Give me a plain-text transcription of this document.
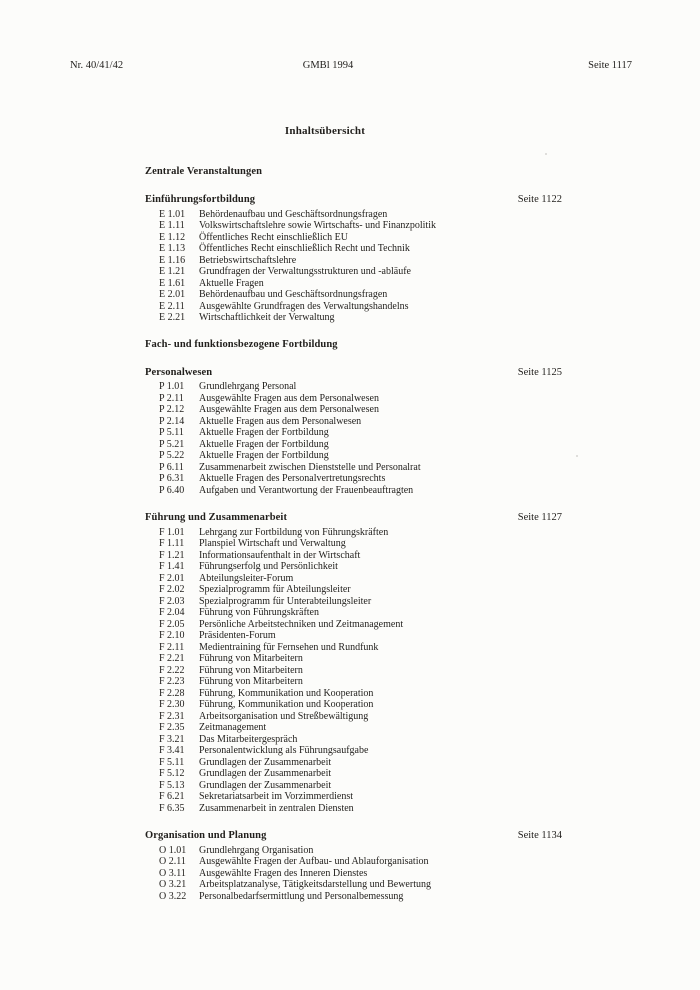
Nr. 40/41/42	GMBl 1994	Seite 1117
Inhaltsübersicht
Zentrale Veranstaltungen
Einführungsfortbildung	Seite 1122
E 1.01	Behördenaufbau und Geschäftsordnungsfragen
E 1.11	Volkswirtschaftslehre sowie Wirtschafts- und Finanzpolitik
E 1.12	Öffentliches Recht einschließlich EU
E 1.13	Öffentliches Recht einschließlich Recht und Technik
E 1.16	Betriebswirtschaftslehre
E 1.21	Grundfragen der Verwaltungsstrukturen und -abläufe
E 1.61	Aktuelle Fragen
E 2.01	Behördenaufbau und Geschäftsordnungsfragen
E 2.11	Ausgewählte Grundfragen des Verwaltungshandelns
E 2.21	Wirtschaftlichkeit der Verwaltung
Fach- und funktionsbezogene Fortbildung
Personalwesen	Seite 1125
P 1.01	Grundlehrgang Personal
P 2.11	Ausgewählte Fragen aus dem Personalwesen
P 2.12	Ausgewählte Fragen aus dem Personalwesen
P 2.14	Aktuelle Fragen aus dem Personalwesen
P 5.11	Aktuelle Fragen der Fortbildung
P 5.21	Aktuelle Fragen der Fortbildung
P 5.22	Aktuelle Fragen der Fortbildung
P 6.11	Zusammenarbeit zwischen Dienststelle und Personalrat
P 6.31	Aktuelle Fragen des Personalvertretungsrechts
P 6.40	Aufgaben und Verantwortung der Frauenbeauftragten
Führung und Zusammenarbeit	Seite 1127
F 1.01	Lehrgang zur Fortbildung von Führungskräften
F 1.11	Planspiel Wirtschaft und Verwaltung
F 1.21	Informationsaufenthalt in der Wirtschaft
F 1.41	Führungserfolg und Persönlichkeit
F 2.01	Abteilungsleiter-Forum
F 2.02	Spezialprogramm für Abteilungsleiter
F 2.03	Spezialprogramm für Unterabteilungsleiter
F 2.04	Führung von Führungskräften
F 2.05	Persönliche Arbeitstechniken und Zeitmanagement
F 2.10	Präsidenten-Forum
F 2.11	Medientraining für Fernsehen und Rundfunk
F 2.21	Führung von Mitarbeitern
F 2.22	Führung von Mitarbeitern
F 2.23	Führung von Mitarbeitern
F 2.28	Führung, Kommunikation und Kooperation
F 2.30	Führung, Kommunikation und Kooperation
F 2.31	Arbeitsorganisation und Streßbewältigung
F 2.35	Zeitmanagement
F 3.21	Das Mitarbeitergespräch
F 3.41	Personalentwicklung als Führungsaufgabe
F 5.11	Grundlagen der Zusammenarbeit
F 5.12	Grundlagen der Zusammenarbeit
F 5.13	Grundlagen der Zusammenarbeit
F 6.21	Sekretariatsarbeit im Vorzimmerdienst
F 6.35	Zusammenarbeit in zentralen Diensten
Organisation und Planung	Seite 1134
O 1.01	Grundlehrgang Organisation
O 2.11	Ausgewählte Fragen der Aufbau- und Ablauforganisation
O 3.11	Ausgewählte Fragen des Inneren Dienstes
O 3.21	Arbeitsplatzanalyse, Tätigkeitsdarstellung und Bewertung
O 3.22	Personalbedarfsermittlung und Personalbemessung
